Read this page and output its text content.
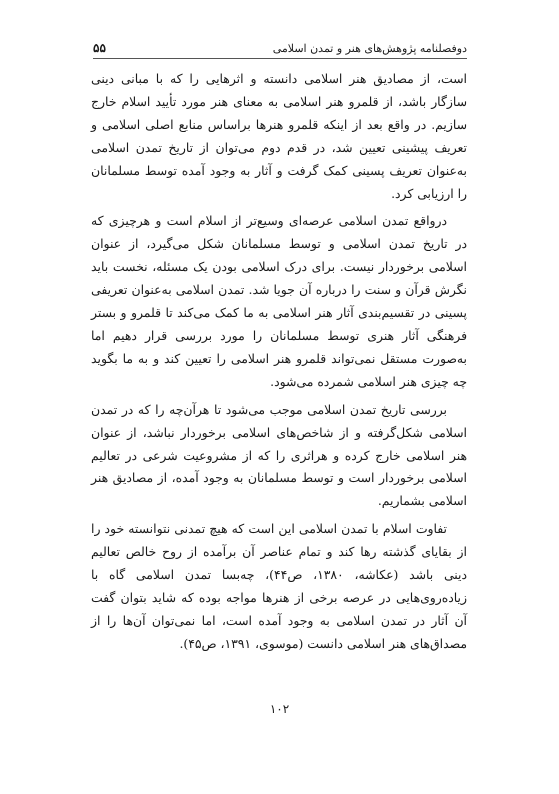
دوفصلنامه پژوهش‌های هنر و تمدن اسلامی
۵۵

است، از مصادیق هنر اسلامی دانسته و اثرهایی را که با مبانی دینی سازگار باشد، از قلمرو هنر اسلامی به معنای هنر مورد تأیید اسلام خارج سازیم. در واقع بعد از اینکه قلمرو هنرها براساس منابع اصلی اسلامی و تعریف پیشینی تعیین شد، در قدم دوم می‌توان از تاریخ تمدن اسلامی به‌عنوان تعریف پسینی کمک گرفت و آثار به وجود آمده توسط مسلمانان را ارزیابی کرد.

درواقع تمدن اسلامی عرصه‌ای وسیع‌تر از اسلام است و هرچیزی که در تاریخ تمدن اسلامی و توسط مسلمانان شکل می‌گیرد، از عنوان اسلامی برخوردار نیست. برای درک اسلامی بودن یک مسئله، نخست باید نگرش قرآن و سنت را درباره آن جویا شد. تمدن اسلامی به‌عنوان تعریفی پسینی در تقسیم‌بندی آثار هنر اسلامی به ما کمک می‌کند تا قلمرو و بستر فرهنگی آثار هنری توسط مسلمانان را مورد بررسی قرار دهیم اما به‌صورت مستقل نمی‌تواند قلمرو هنر اسلامی را تعیین کند و به ما بگوید چه چیزی هنر اسلامی شمرده می‌شود.

بررسی تاریخ تمدن اسلامی موجب می‌شود تا هرآن‌چه را که در تمدن اسلامی شکل‌گرفته و از شاخص‌های اسلامی برخوردار نباشد، از عنوان هنر اسلامی خارج کرده و هراثری را که از مشروعیت شرعی در تعالیم اسلامی برخوردار است و توسط مسلمانان به وجود آمده، از مصادیق هنر اسلامی بشماریم.

تفاوت اسلام با تمدن اسلامی این است که هیچ تمدنی نتوانسته خود را از بقایای گذشته رها کند و تمام عناصر آن برآمده از روح خالص تعالیم دینی باشد (عکاشه، ۱۳۸۰، ص۴۴)، چه‌بسا تمدن اسلامی گاه با زیاده‌روی‌هایی در عرصه برخی از هنرها مواجه بوده که شاید بتوان گفت آن آثار در تمدن اسلامی به وجود آمده است، اما نمی‌توان آن‌ها را از مصداق‌های هنر اسلامی دانست (موسوی، ۱۳۹۱، ص۴۵).

۱۰۲
